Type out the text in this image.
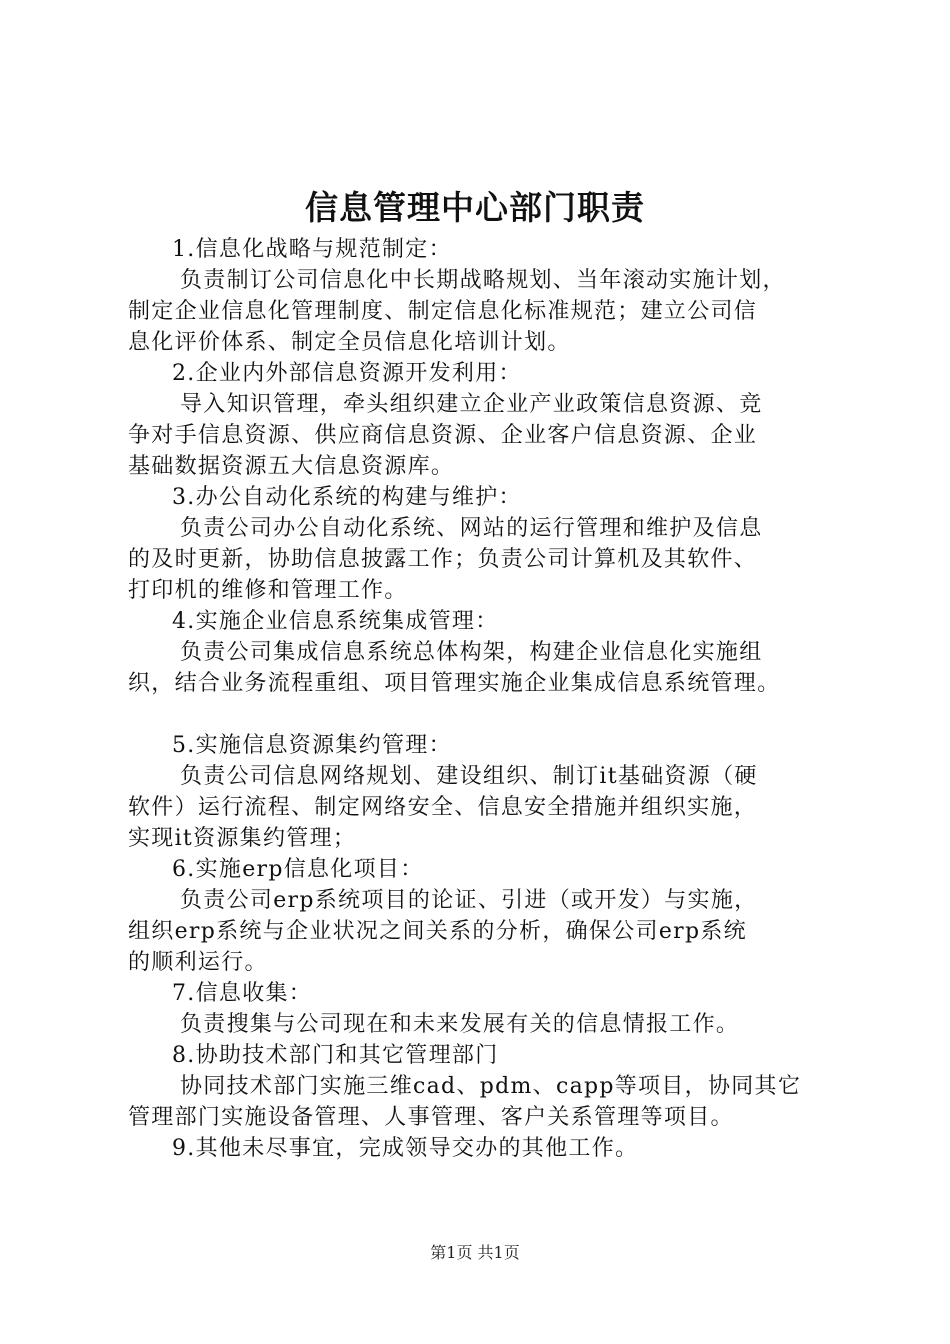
信息管理中心部门职责
1.信息化战略与规范制定：
负责制订公司信息化中长期战略规划、当年滚动实施计划，
制定企业信息化管理制度、制定信息化标准规范；建立公司信
息化评价体系、制定全员信息化培训计划。
2.企业内外部信息资源开发利用：
导入知识管理，牵头组织建立企业产业政策信息资源、竞
争对手信息资源、供应商信息资源、企业客户信息资源、企业
基础数据资源五大信息资源库。
3.办公自动化系统的构建与维护：
负责公司办公自动化系统、网站的运行管理和维护及信息
的及时更新，协助信息披露工作；负责公司计算机及其软件、
打印机的维修和管理工作。
4.实施企业信息系统集成管理：
负责公司集成信息系统总体构架，构建企业信息化实施组
织，结合业务流程重组、项目管理实施企业集成信息系统管理。
5.实施信息资源集约管理：
负责公司信息网络规划、建设组织、制订it基础资源（硬
软件）运行流程、制定网络安全、信息安全措施并组织实施，
实现it资源集约管理；
6.实施erp信息化项目：
负责公司erp系统项目的论证、引进（或开发）与实施，
组织erp系统与企业状况之间关系的分析，确保公司erp系统
的顺利运行。
7.信息收集：
负责搜集与公司现在和未来发展有关的信息情报工作。
8.协助技术部门和其它管理部门
协同技术部门实施三维cad、pdm、capp等项目，协同其它
管理部门实施设备管理、人事管理、客户关系管理等项目。
9.其他未尽事宜，完成领导交办的其他工作。
第1页 共1页
